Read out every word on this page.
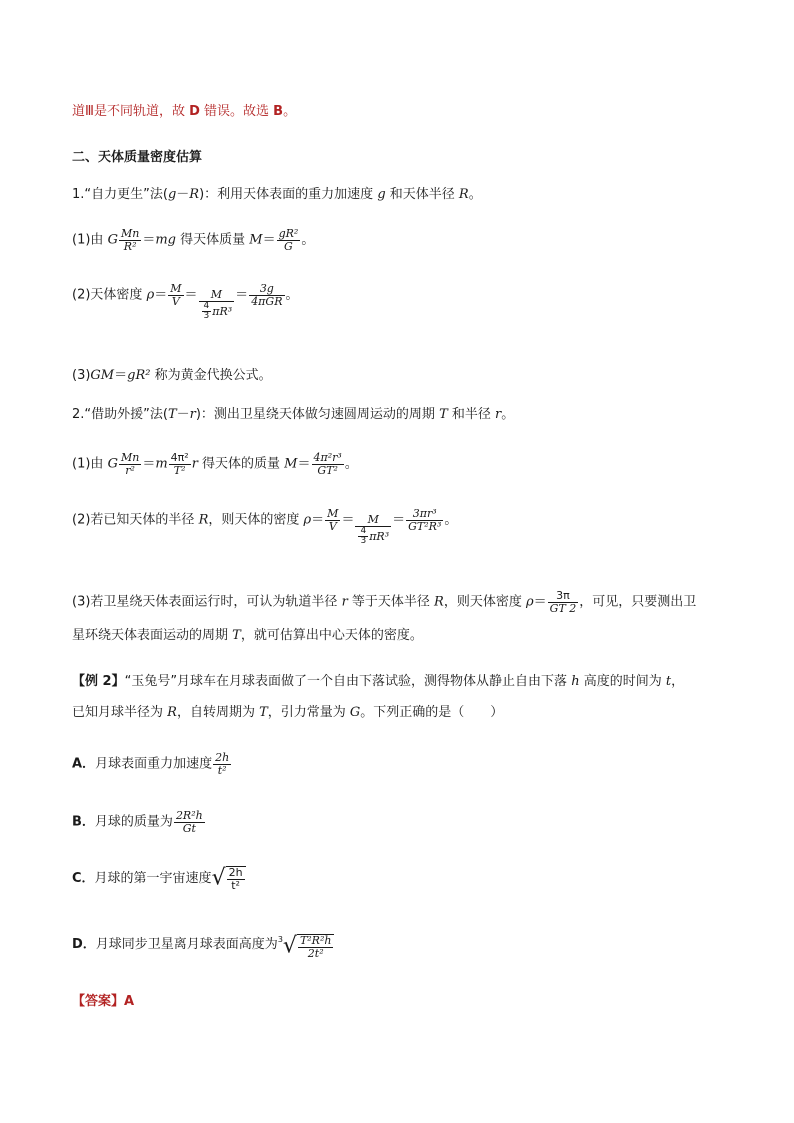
道Ⅲ是不同轨道，故 D 错误。故选 B。
二、天体质量密度估算
1.“自力更生”法(g－R)：利用天体表面的重力加速度 g 和天体半径 R。
(1)由 G $\frac{Mn}{\text{R²}} =mg$ 得天体质量 $M= \frac{\text{gR²}}{G}$ 。
(2)天体密度 $\rho= \frac{M}{V} = \frac{M}{\frac{4}{3} \pi R^3} = \frac{3g}{\text{4πGR}}$ 。
(3)GM＝gR² 称为黄金代换公式。
2.“借助外援”法(T－r)：测出卫星绕天体做匀速圆周运动的周期 T 和半径 r。
(1)由 G $\frac{Mn}{\text{r²}} =m \frac{\text{4π²}}{\text{T²}}$ r 得天体的质量 $M= \frac{\text{4π²r³}}{\text{GT²}}$ 。
(2)若已知天体的半径 R，则天体的密度 $\rho= \frac{M}{V} = \frac{M}{\frac{4}{3} \pi R^3} = \frac{\text{3πr³}}{\text{GT²R³}}$ 。
(3)若卫星绕天体表面运行时，可认为轨道半径 r 等于天体半径 R，则天体密度 $\rho= \frac{3\pi}{GT 2}$ ，可见，只要测出卫
星环绕天体表面运动的周期 T，就可估算出中心天体的密度。
【例 2】“玉兔号”月球车在月球表面做了一个自由下落试验，测得物体从静止自由下落 h 高度的时间为 t，
已知月球半径为 R，自转周期为 T，引力常量为 G。下列正确的是（　　）
A．月球表面重力加速度 $\frac{2h}{\text{t²}}$
B．月球的质量为 $\frac{\text{2R²h}}{Gt}$
C．月球的第一宇宙速度√ $\frac{2h}{\text{t²}}$
D．月球同步卫星离月球表面高度为$^3√ \frac{\text{T²R²h}}{\text{2t²}}$
【答案】A
